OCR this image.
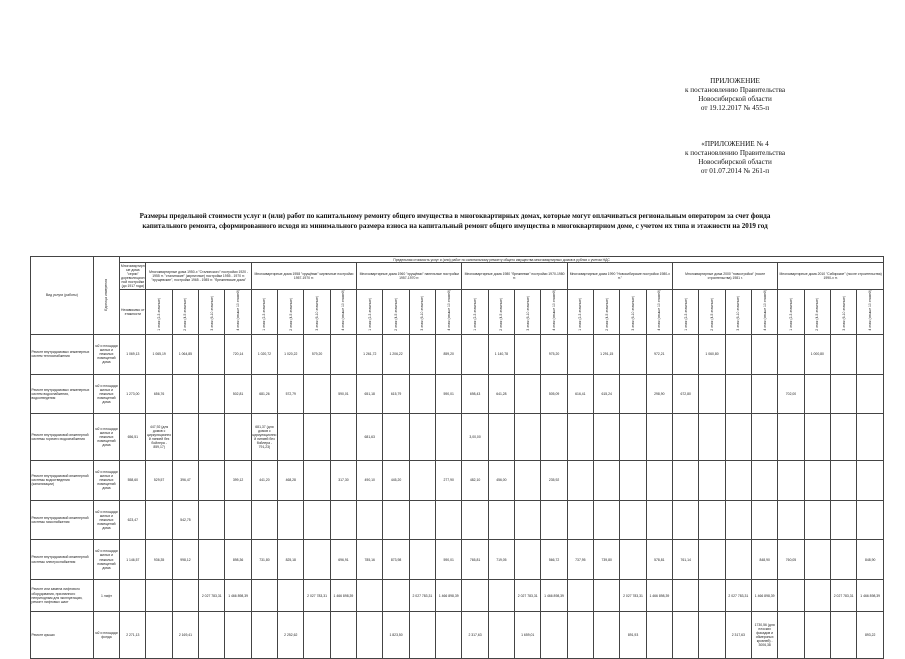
ПРИЛОЖЕНИЕ
к постановлению Правительства
Новосибирской области
от 19.12.2017 № 455-п
«ПРИЛОЖЕНИЕ № 4
к постановлению Правительства
Новосибирской области
от 01.07.2014 № 261-п
Размеры предельной стоимости услуг и (или) работ по капитальному ремонту общего имущества в многоквартирных домах, которые могут оплачиваться региональным оператором за счет фонда
капитального ремонта, сформированного исходя из минимального размера взноса на капитальный ремонт общего имущества в многоквартирном доме, с учетом их типа и этажности на 2019 год
Вид услуги (работы)	Единица измерения	Предельная стоимость услуг и (или) работ по капитальному ремонту общего имущества многоквартирных домов в рублях с учетом НДС																												
		Многоквартирные дома "серии" дореволюционной постройки (до 1917 года)	Многоквартирные дома 1950-х "Сталинского" постройки 1920 - 1955 гг. "сталинские" (кирпичные) постройки 1955 - 1970 гг. "хрущевские", постройки 1965 - 1985 гг. "брежневские дома"				Многоквартирные дома 1958 "хрущёвки" кирпичные постройки 1957-1970 гг.				Многоквартирные дома 1960 "хрущёвки" панельные постройки 1957-1970 гг.				Многоквартирные дома 1980 "брежневки" постройки 1970-1980 гг.				Многоквартирные дома 1990 "Новосибирские постройки 1980-х гг."				Многоквартирные дома 2000 "новостройки" (после строительства) 1981 г.				Многоквартирные дома 2010 "Сибирские" (после строительства) 1990-х гг.			
		Независимо от этажности	1 этаж (2-3 этажные)	2 этаж (4-5 этажные)	3 этаж (6-10 этажные)	4 этаж (свыше 10 этажей)	1 этаж (2-3 этажные)	2 этаж (4-5 этажные)	3 этаж (6-10 этажные)	4 этаж (свыше 10 этажей)	1 этаж (2-3 этажные)	2 этаж (4-5 этажные)	3 этаж (6-10 этажные)	4 этаж (свыше 10 этажей)	1 этаж (2-3 этажные)	2 этаж (4-5 этажные)	3 этаж (6-10 этажные)	4 этаж (свыше 10 этажей)	1 этаж (2-3 этажные)	2 этаж (4-5 этажные)	3 этаж (6-10 этажные)	4 этаж (свыше 10 этажей)	1 этаж (2-3 этажные)	2 этаж (4-5 этажные)	3 этаж (6-10 этажные)	4 этаж (свыше 10 этажей)	1 этаж (2-3 этажные)	2 этаж (4-5 этажные)	3 этаж (6-10 этажные)	4 этаж (свыше 10 этажей)

Ремонт внутридомовых инженерных систем теплоснабжения	м2 и площади жилых и нежилых помещений дома	1 069,13	1 065,19	1 064,85		720,14	1 020,72	1 020,22	579,20		1 261,72	1 206,22		859,20		1 140,78		975,20		1 291,15		972,21		1 060,80				1 000,80		
Ремонт внутридомовых инженерных систем водоснабжения, водоотведения	м2 и площади жилых и нежилых помещений дома	1 273,00	656,76			502,81	681,26	572,79		590,01	651,18	615,79		590,01	698,43	641,28		505,09	616,41	615,24		298,90	672,80				702,00			
Ремонт внутридомовой инженерной системы горячего водоснабжения	м2 и площади жилых и нежилых помещений дома	656,51	447,92 (для домов с циркуляционной линией без бойлера - 859,17)				681,37 (для домов с циркуляционной линией без бойлера - 791,23)				681,63				3,00,00															
Ремонт внутридомовой инженерной системы водоотведения (канализации)	м2 и площади жилых и нежилых помещений дома	558,60	529,57	396,47		399,12	441,20	468,28		317,30	490,10	445,20		277,90	482,10	456,00		235,92												
Ремонт внутридомовой инженерной системы газоснабжения	м2 и площади жилых и нежилых помещений дома	623,47		542,75																										
Ремонт внутридомовой инженерной системы электроснабжения	м2 и площади жилых и нежилых помещений дома	1 146,57	936,35	998,12		898,36	731,80	825,18		696,91	785,16	873,98		590,01	765,81	719,05		566,72	737,95	739,80		578,81	761,14			848,90	760,05			848,90
Ремонт или замена лифтового оборудования, признанного непригодным для эксплуатации, ремонт лифтовых шахт	1 лифт				2 027 783,31	1 466 898,39			2 027 783,31	1 466 898,39			2 027 783,31	1 466 898,39			2 027 783,31	1 466 898,39			2 027 783,31	1 466 898,39			2 027 783,31	1 466 898,39			2 027 783,31	1 466 898,39
Ремонт крыши	м2 и площади фонда	2 271,13		2 169,41				2 252,62				1 823,50			2 317,63		1 659,01				891,93				2 317,63	1730,56 (для плоских фасадов и обмероных кровлей) - 3006,38				893,22
